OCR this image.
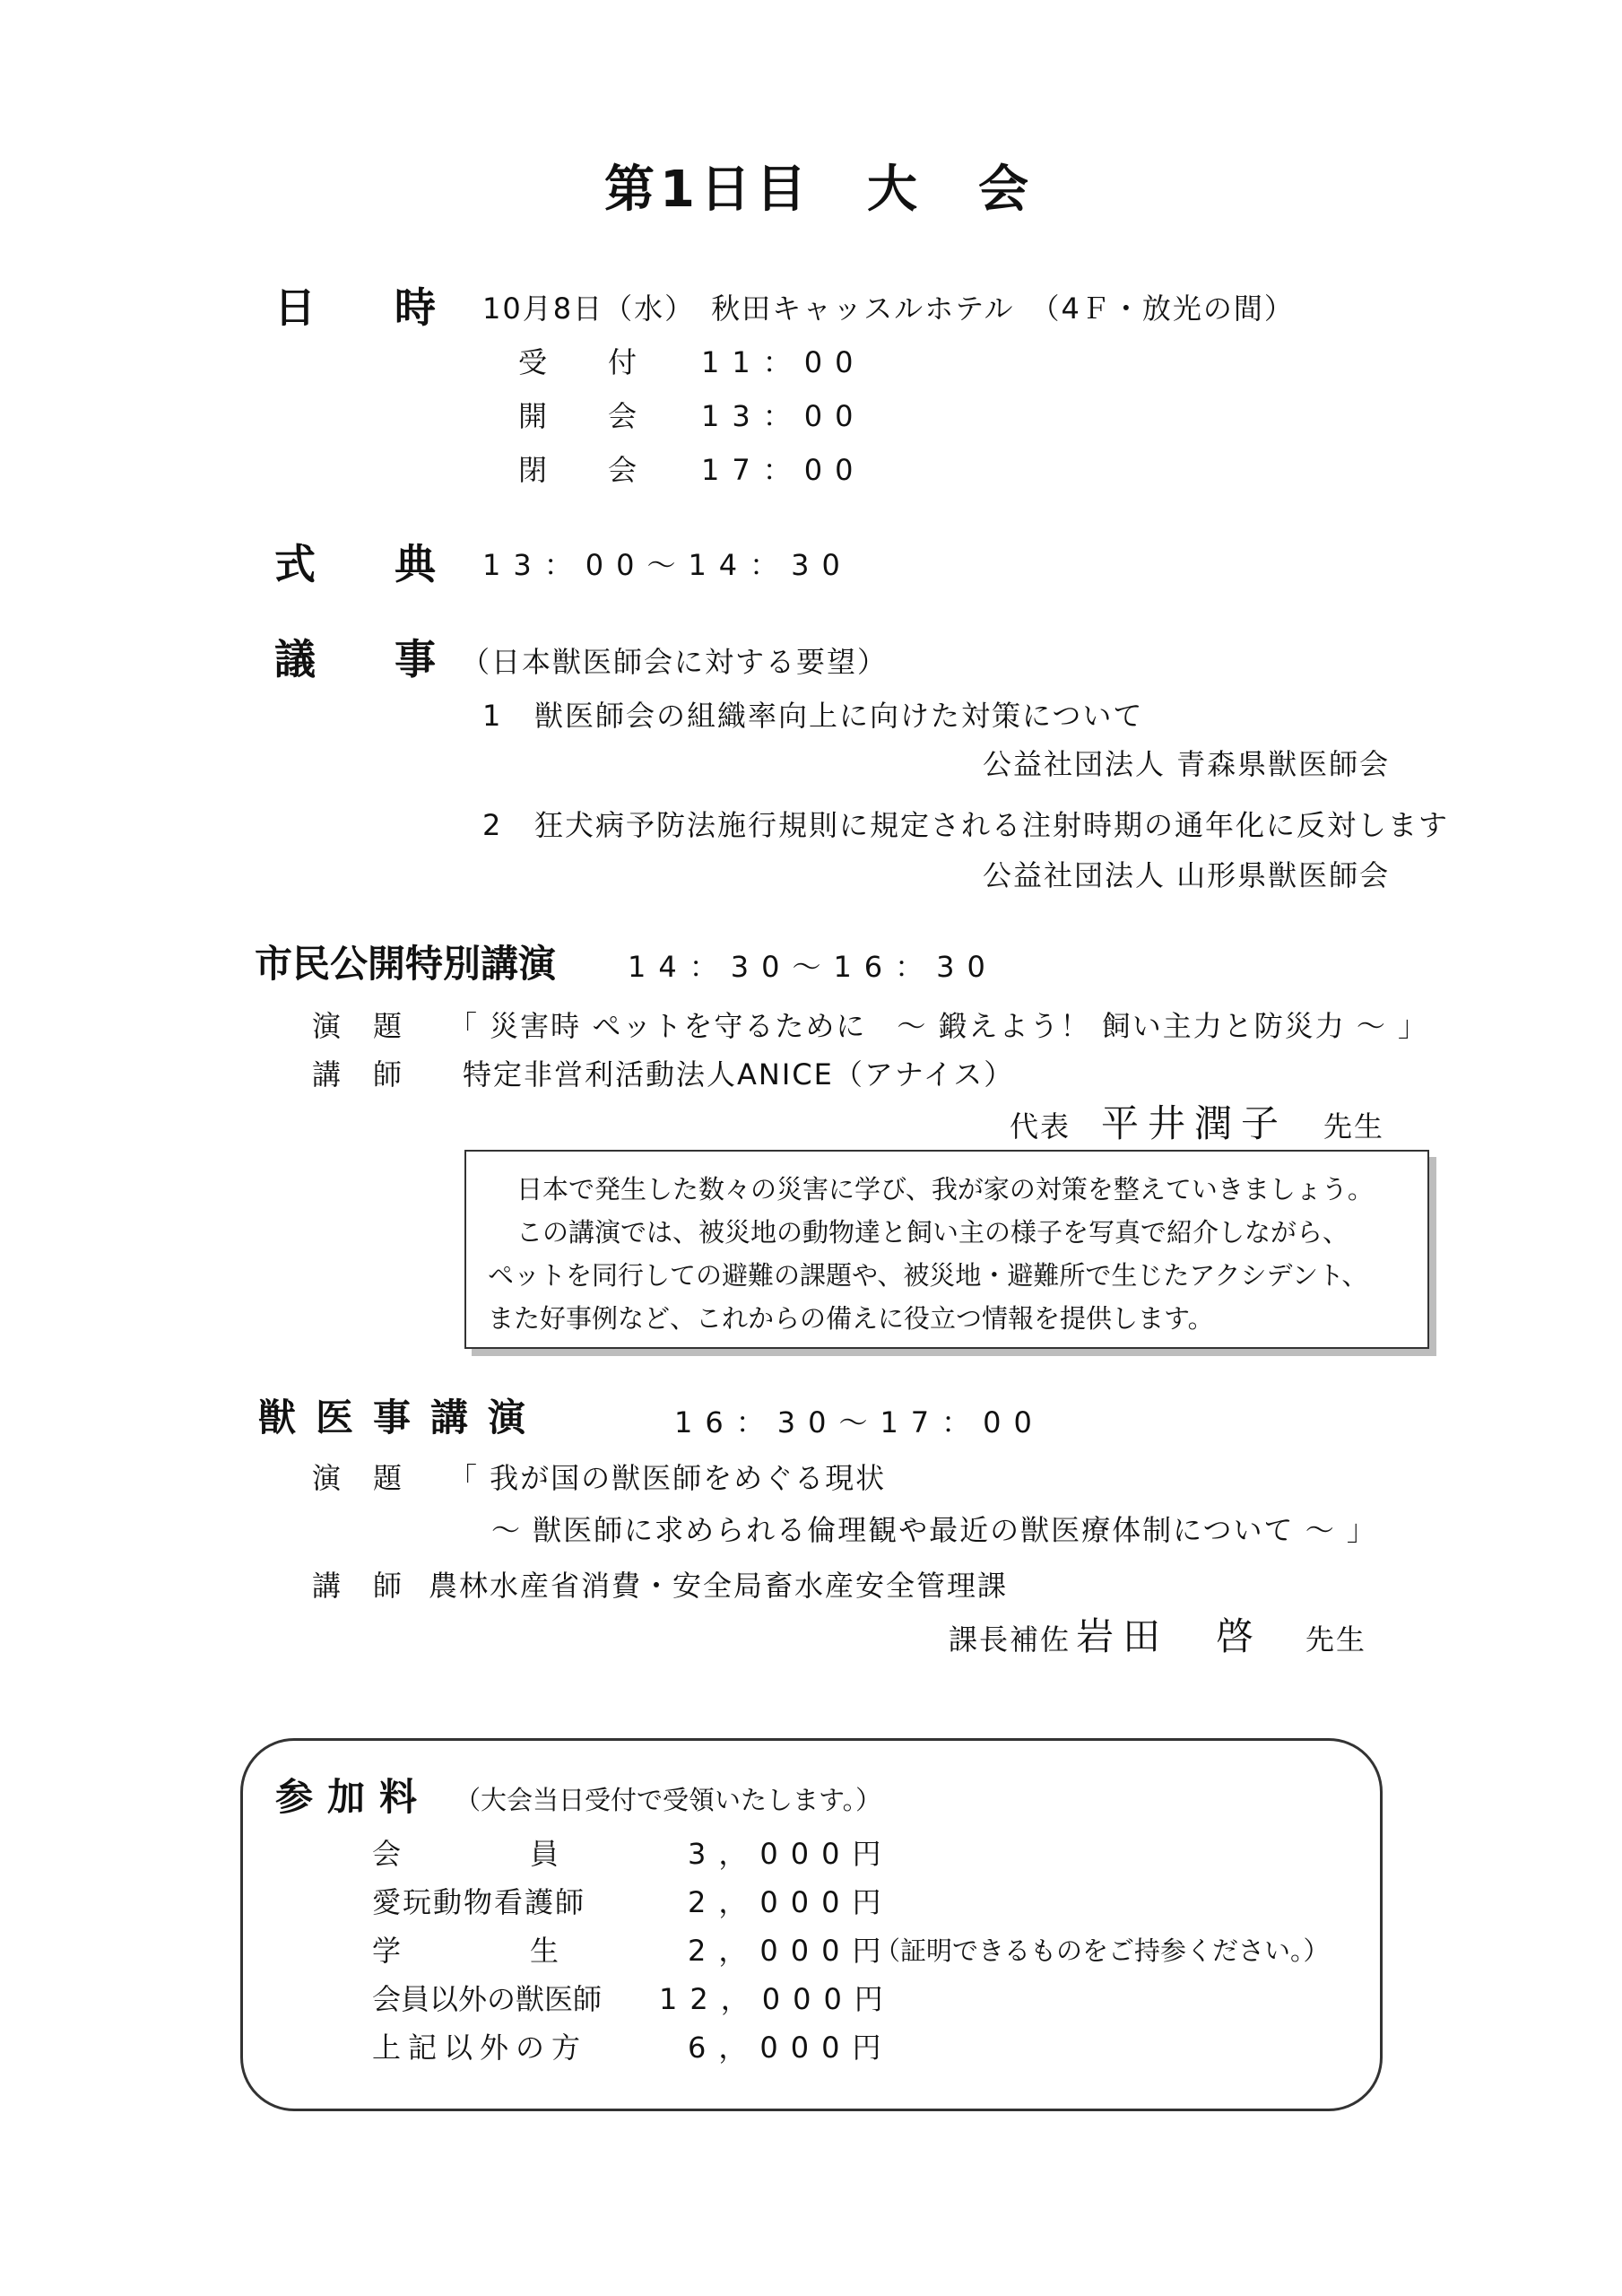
第1日目　大　会
日 時 10月8日（水）　秋田キャッスルホテル　（4Ｆ・放光の間）
受 付 11：00
開 会 13：00
閉 会 17：00
式 典 13：00〜14：30
議 事 （日本獣医師会に対する要望）
1 獣医師会の組織率向上に向けた対策について
公益社団法人 青森県獣医師会
2 狂犬病予防法施行規則に規定される注射時期の通年化に反対します
公益社団法人 山形県獣医師会
市民公開特別講演 14：30〜16：30
演　題 「 災害時 ペットを守るために　〜 鍛えよう！ 飼い主力と防災力 〜 」
講　師 特定非営利活動法人ANICE（アナイス）
代表 平井潤子 先生
日本で発生した数々の災害に学び、我が家の対策を整えていきましょう。
この講演では、被災地の動物達と飼い主の様子を写真で紹介しながら、
ペットを同行しての避難の課題や、被災地・避難所で生じたアクシデント、
また好事例など、これからの備えに役立つ情報を提供します。
獣医事講演	16：30〜17：00
演　題 「 我が国の獣医師をめぐる現状
〜 獣医師に求められる倫理観や最近の獣医療体制について 〜 」
講　師 農林水産省消費・安全局畜水産安全管理課
課長補佐 岩田　啓 先生
参加料 （大会当日受付で受領いたします。）
会　　　員	3，000円
愛玩動物看護師	2，000円
学　　　生	2，000円
（証明できるものをご持参ください。）
会員以外の獣医師 12，000円
上記以外の方	6，000円
